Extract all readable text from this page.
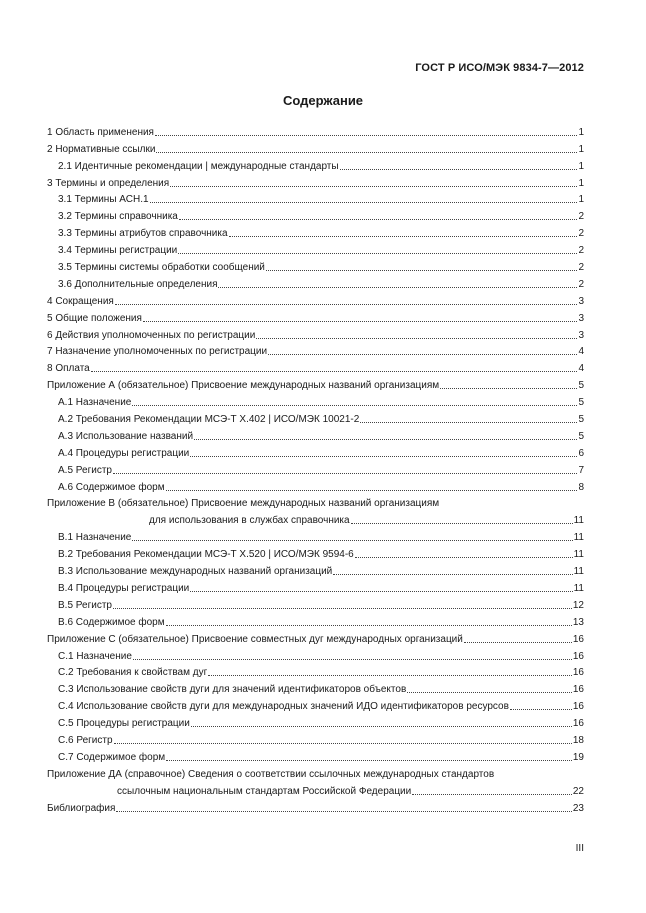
ГОСТ Р ИСО/МЭК 9834-7—2012
Содержание
1 Область применения	1
2 Нормативные ссылки	1
2.1 Идентичные рекомендации | международные стандарты	1
3 Термины и определения	1
3.1 Термины АСН.1	1
3.2 Термины справочника	2
3.3 Термины атрибутов справочника	2
3.4 Термины регистрации	2
3.5 Термины системы обработки сообщений	2
3.6 Дополнительные определения	2
4 Сокращения	3
5 Общие положения	3
6 Действия уполномоченных по регистрации	3
7 Назначение уполномоченных по регистрации	4
8 Оплата	4
Приложение А (обязательное) Присвоение международных названий организациям	5
А.1 Назначение	5
А.2 Требования Рекомендации МСЭ-Т Х.402 | ИСО/МЭК 10021-2	5
А.3 Использование названий	5
А.4 Процедуры регистрации	6
А.5 Регистр	7
А.6 Содержимое форм	8
Приложение В (обязательное) Присвоение международных названий организациям
для использования в службах справочника	11
В.1 Назначение	11
В.2 Требования Рекомендации МСЭ-Т Х.520 | ИСО/МЭК 9594-6	11
В.3 Использование международных названий организаций	11
В.4 Процедуры регистрации	11
В.5 Регистр	12
В.6 Содержимое форм	13
Приложение С (обязательное) Присвоение совместных дуг международных организаций	16
С.1 Назначение	16
С.2 Требования к свойствам дуг	16
С.3 Использование свойств дуги для значений идентификаторов объектов	16
С.4 Использование свойств дуги для международных значений ИДО идентификаторов ресурсов	16
С.5 Процедуры регистрации	16
С.6 Регистр	18
С.7 Содержимое форм	19
Приложение ДА (справочное) Сведения о соответствии ссылочных международных стандартов
ссылочным национальным стандартам Российской Федерации	22
Библиография	23
III
